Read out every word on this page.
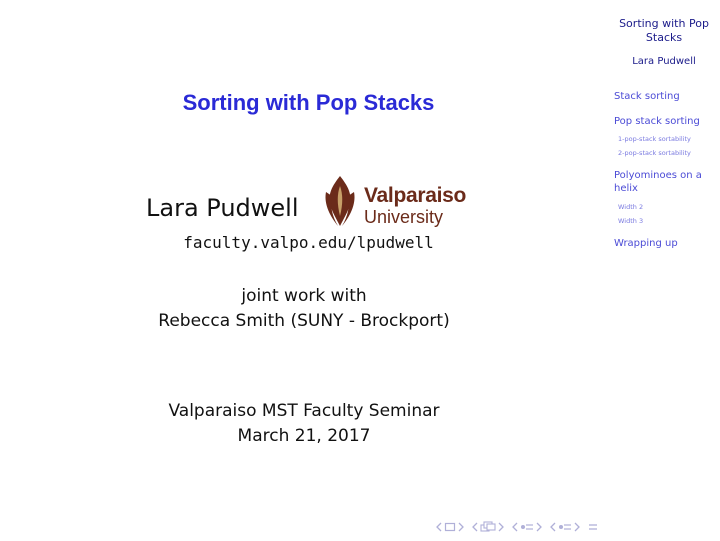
Sorting with Pop Stacks
Lara Pudwell	Valparaiso
University
faculty.valpo.edu/lpudwell
joint work with
Rebecca Smith (SUNY - Brockport)
Valparaiso MST Faculty Seminar
March 21, 2017
Sorting with Pop Stacks
Lara Pudwell
Stack sorting
Pop stack sorting
1-pop-stack sortability
2-pop-stack sortability
Polyominoes on a helix
Width 2
Width 3
Wrapping up
